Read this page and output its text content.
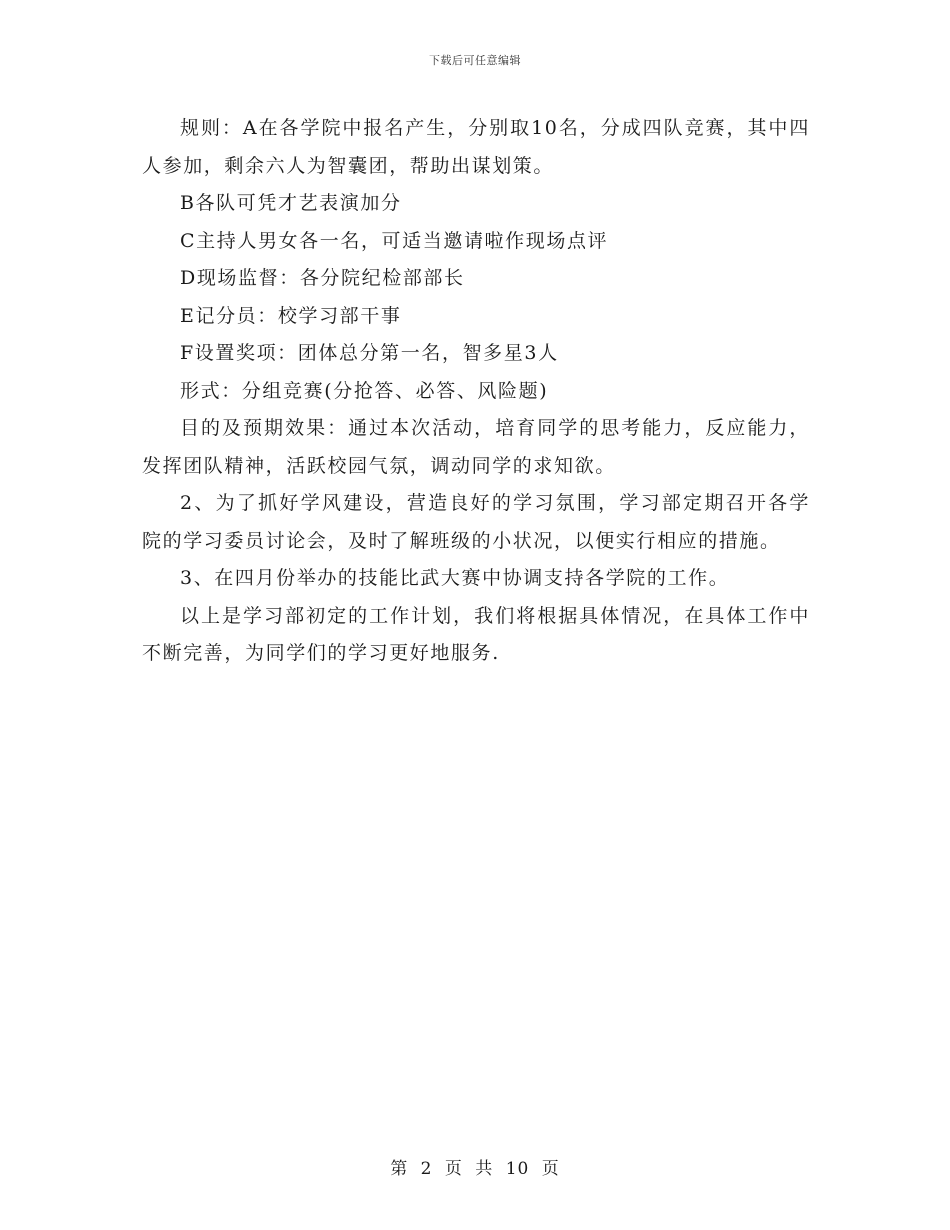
下载后可任意编辑

规则：A在各学院中报名产生，分别取10名，分成四队竞赛，其中四人参加，剩余六人为智囊团，帮助出谋划策。

B各队可凭才艺表演加分

C主持人男女各一名，可适当邀请啦作现场点评

D现场监督：各分院纪检部部长

E记分员：校学习部干事

F设置奖项：团体总分第一名，智多星3人

形式：分组竞赛(分抢答、必答、风险题)

目的及预期效果：通过本次活动，培育同学的思考能力，反应能力，发挥团队精神，活跃校园气氛，调动同学的求知欲。

2、为了抓好学风建设，营造良好的学习氛围，学习部定期召开各学院的学习委员讨论会，及时了解班级的小状况，以便实行相应的措施。

3、在四月份举办的技能比武大赛中协调支持各学院的工作。

以上是学习部初定的工作计划，我们将根据具体情况，在具体工作中不断完善，为同学们的学习更好地服务.

第 2 页 共 10 页
